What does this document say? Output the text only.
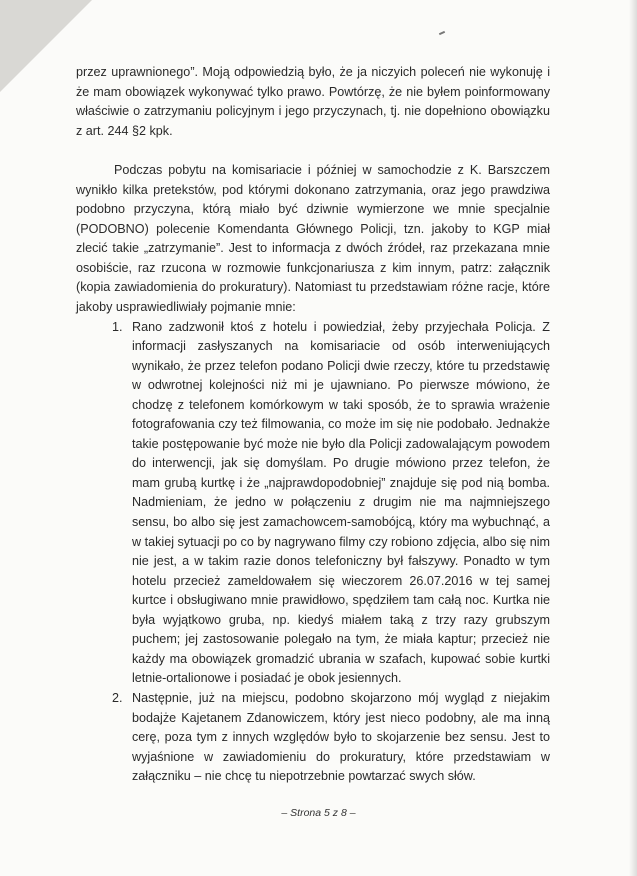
przez uprawnionego”. Moją odpowiedzią było, że ja niczyich poleceń nie wykonuję i że mam obowiązek wykonywać tylko prawo. Powtórzę, że nie byłem poinformowany właściwie o zatrzymaniu policyjnym i jego przyczynach, tj. nie dopełniono obowiązku z art. 244 §2 kpk.

Podczas pobytu na komisariacie i później w samochodzie z K. Barszczem wynikło kilka pretekstów, pod którymi dokonano zatrzymania, oraz jego prawdziwa podobno przyczyna, którą miało być dziwnie wymierzone we mnie specjalnie (PODOBNO) polecenie Komendanta Głównego Policji, tzn. jakoby to KGP miał zlecić takie „zatrzymanie”. Jest to informacja z dwóch źródeł, raz przekazana mnie osobiście, raz rzucona w rozmowie funkcjonariusza z kim innym, patrz: załącznik (kopia zawiadomienia do prokuratury). Natomiast tu przedstawiam różne racje, które jakoby usprawiedliwiały pojmanie mnie:

1. Rano zadzwonił ktoś z hotelu i powiedział, żeby przyjechała Policja. Z informacji zasłyszanych na komisariacie od osób interweniujących wynikało, że przez telefon podano Policji dwie rzeczy, które tu przedstawię w odwrotnej kolejności niż mi je ujawniano. Po pierwsze mówiono, że chodzę z telefonem komórkowym w taki sposób, że to sprawia wrażenie fotografowania czy też filmowania, co może im się nie podobało. Jednakże takie postępowanie być może nie było dla Policji zadowalającym powodem do interwencji, jak się domyślam. Po drugie mówiono przez telefon, że mam grubą kurtkę i że „najprawdopodobniej” znajduje się pod nią bomba. Nadmieniam, że jedno w połączeniu z drugim nie ma najmniejszego sensu, bo albo się jest zamachowcem-samobójcą, który ma wybuchnąć, a w takiej sytuacji po co by nagrywano filmy czy robiono zdjęcia, albo się nim nie jest, a w takim razie donos telefoniczny był fałszywy. Ponadto w tym hotelu przecież zameldowałem się wieczorem 26.07.2016 w tej samej kurtce i obsługiwano mnie prawidłowo, spędziłem tam całą noc. Kurtka nie była wyjątkowo gruba, np. kiedyś miałem taką z trzy razy grubszym puchem; jej zastosowanie polegało na tym, że miała kaptur; przecież nie każdy ma obowiązek gromadzić ubrania w szafach, kupować sobie kurtki letnie-ortalionowe i posiadać je obok jesiennych.
2. Następnie, już na miejscu, podobno skojarzono mój wygląd z niejakim bodajże Kajetanem Zdanowiczem, który jest nieco podobny, ale ma inną cerę, poza tym z innych względów było to skojarzenie bez sensu. Jest to wyjaśnione w zawiadomieniu do prokuratury, które przedstawiam w załączniku – nie chcę tu niepotrzebnie powtarzać swych słów.
– Strona 5 z 8 –
